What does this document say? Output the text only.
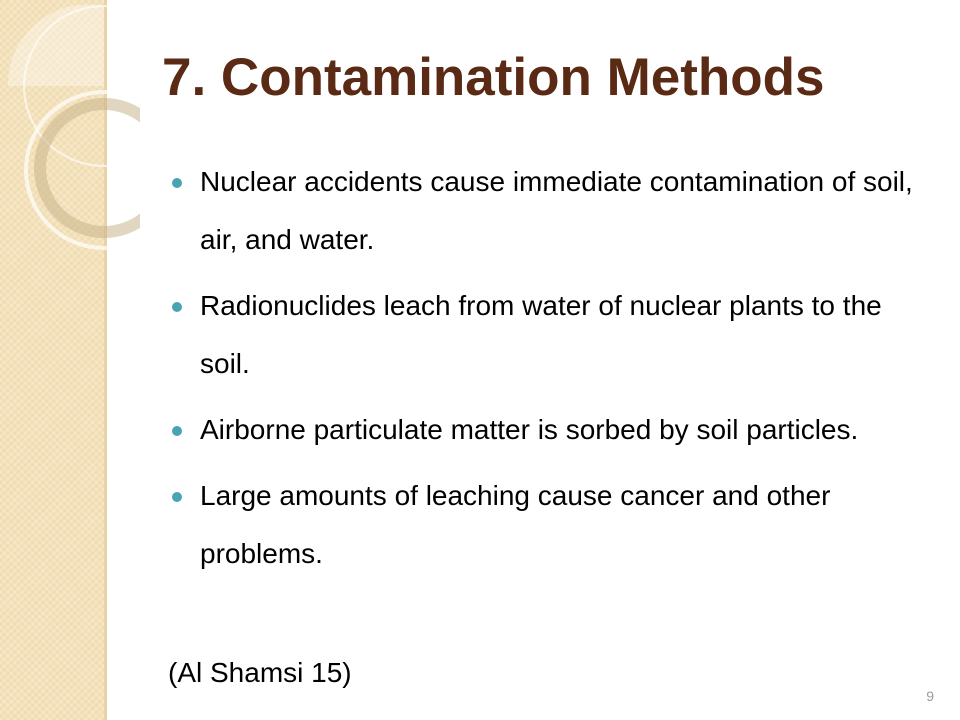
7. Contamination Methods
Nuclear accidents cause immediate contamination of soil, air, and water.
Radionuclides leach from water of nuclear plants to the soil.
Airborne particulate matter is sorbed by soil particles.
Large amounts of leaching cause cancer and other problems.
(Al Shamsi 15)
9
